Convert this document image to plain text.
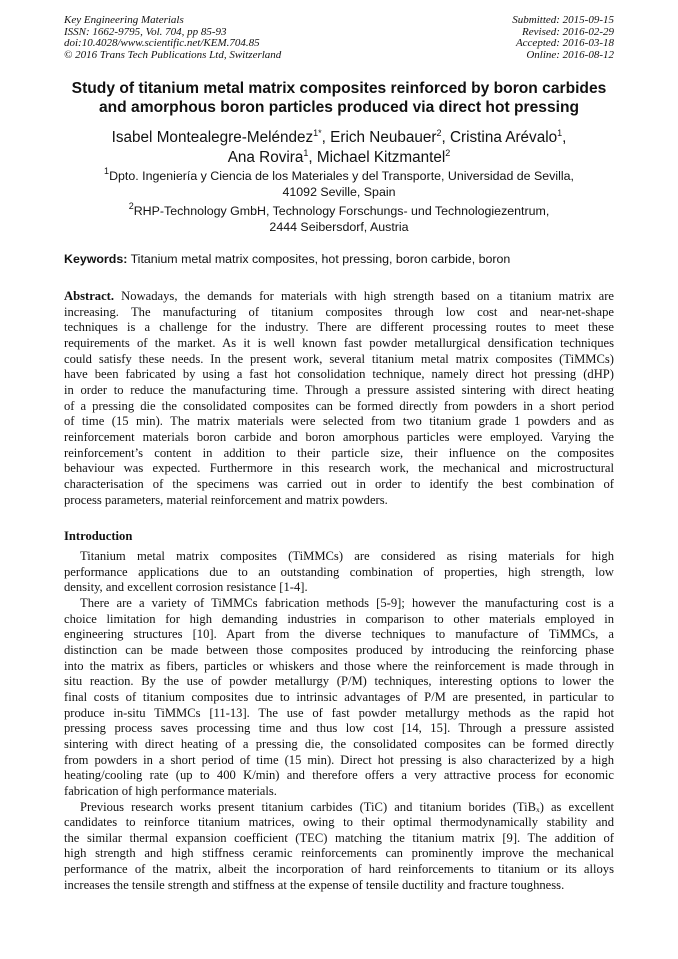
Key Engineering Materials
ISSN: 1662-9795, Vol. 704, pp 85-93
doi:10.4028/www.scientific.net/KEM.704.85
© 2016 Trans Tech Publications Ltd, Switzerland
Submitted: 2015-09-15
Revised: 2016-02-29
Accepted: 2016-03-18
Online: 2016-08-12
Study of titanium metal matrix composites reinforced by boron carbides
and amorphous boron particles produced via direct hot pressing
Isabel Montealegre-Meléndez$^{1*}$, Erich Neubauer$^2$, Cristina Arévalo$^1$,
Ana Rovira$^1$, Michael Kitzmantel$^2$
$^1$Dpto. Ingeniería y Ciencia de los Materiales y del Transporte, Universidad de Sevilla,
41092 Seville, Spain
$^2$RHP-Technology GmbH, Technology Forschungs- und Technologiezentrum,
2444 Seibersdorf, Austria
Keywords: Titanium metal matrix composites, hot pressing, boron carbide, boron
Abstract. Nowadays, the demands for materials with high strength based on a titanium matrix are
increasing. The manufacturing of titanium composites through low cost and near-net-shape
techniques is a challenge for the industry. There are different processing routes to meet these
requirements of the market. As it is well known fast powder metallurgical densification techniques
could satisfy these needs. In the present work, several titanium metal matrix composites (TiMMCs)
have been fabricated by using a fast hot consolidation technique, namely direct hot pressing (dHP)
in order to reduce the manufacturing time. Through a pressure assisted sintering with direct heating
of a pressing die the consolidated composites can be formed directly from powders in a short period
of time (15 min). The matrix materials were selected from two titanium grade 1 powders and as
reinforcement materials boron carbide and boron amorphous particles were employed. Varying the
reinforcement’s content in addition to their particle size, their influence on the composites
behaviour was expected. Furthermore in this research work, the mechanical and microstructural
characterisation of the specimens was carried out in order to identify the best combination of
process parameters, material reinforcement and matrix powders.
Introduction
Titanium metal matrix composites (TiMMCs) are considered as rising materials for high
performance applications due to an outstanding combination of properties, high strength, low
density, and excellent corrosion resistance [1-4].
There are a variety of TiMMCs fabrication methods [5-9]; however the manufacturing cost is a
choice limitation for high demanding industries in comparison to other materials employed in
engineering structures [10]. Apart from the diverse techniques to manufacture of TiMMCs, a
distinction can be made between those composites produced by introducing the reinforcing phase
into the matrix as fibers, particles or whiskers and those where the reinforcement is made through in
situ reaction. By the use of powder metallurgy (P/M) techniques, interesting options to lower the
final costs of titanium composites due to intrinsic advantages of P/M are presented, in particular to
produce in-situ TiMMCs [11-13]. The use of fast powder metallurgy methods as the rapid hot
pressing process saves processing time and thus low cost [14, 15]. Through a pressure assisted
sintering with direct heating of a pressing die, the consolidated composites can be formed directly
from powders in a short period of time (15 min). Direct hot pressing is also characterized by a high
heating/cooling rate (up to 400 K/min) and therefore offers a very attractive process for economic
fabrication of high performance materials.
Previous research works present titanium carbides (TiC) and titanium borides (TiBₓ) as excellent
candidates to reinforce titanium matrices, owing to their optimal thermodynamically stability and
the similar thermal expansion coefficient (TEC) matching the titanium matrix [9]. The addition of
high strength and high stiffness ceramic reinforcements can prominently improve the mechanical
performance of the matrix, albeit the incorporation of hard reinforcements to titanium or its alloys
increases the tensile strength and stiffness at the expense of tensile ductility and fracture toughness.
